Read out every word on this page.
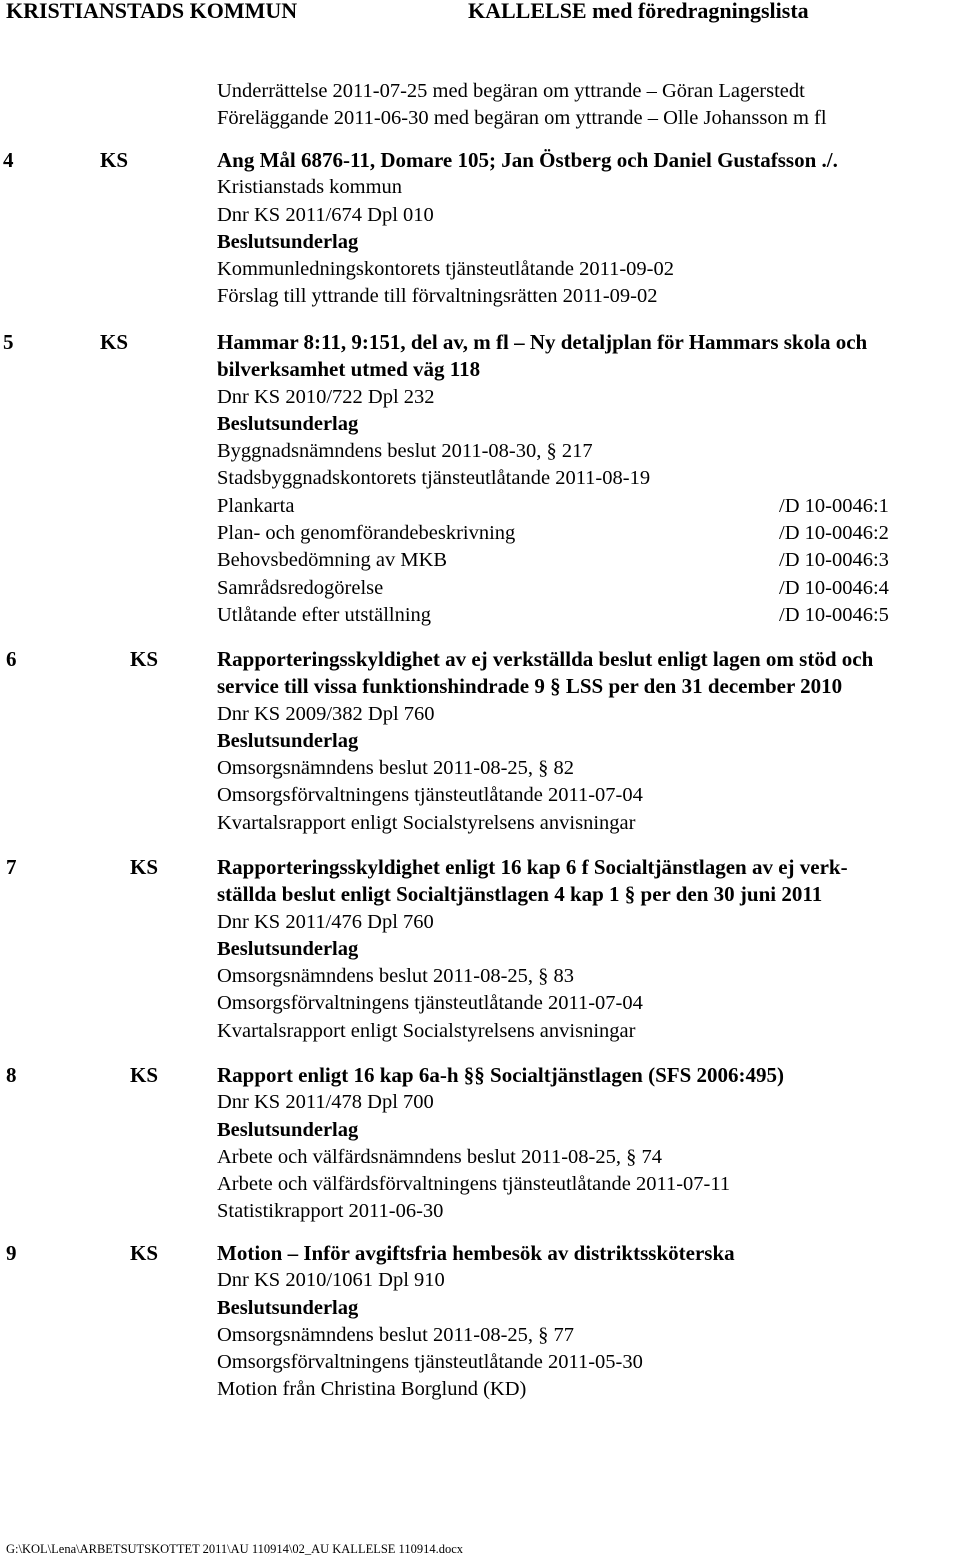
KRISTIANSTADS KOMMUN	KALLELSE med föredragningslista
Underrättelse 2011-07-25 med begäran om yttrande – Göran Lagerstedt
Föreläggande 2011-06-30 med begäran om yttrande – Olle Johansson m fl
4	KS	Ang Mål 6876-11, Domare 105; Jan Östberg och Daniel Gustafsson ./.
Kristianstads kommun
Dnr KS 2011/674 Dpl 010
Beslutsunderlag
Kommunledningskontorets tjänsteutlåtande 2011-09-02
Förslag till yttrande till förvaltningsrätten 2011-09-02
5	KS	Hammar 8:11, 9:151, del av, m fl – Ny detaljplan för Hammars skola och
bilverksamhet utmed väg 118
Dnr KS 2010/722 Dpl 232
Beslutsunderlag
Byggnadsnämndens beslut 2011-08-30, § 217
Stadsbyggnadskontorets tjänsteutlåtande 2011-08-19
Plankarta	/D 10-0046:1
Plan- och genomförandebeskrivning	/D 10-0046:2
Behovsbedömning av MKB	/D 10-0046:3
Samrådsredogörelse	/D 10-0046:4
Utlåtande efter utställning	/D 10-0046:5
6	KS	Rapporteringsskyldighet av ej verkställda beslut enligt lagen om stöd och
service till vissa funktionshindrade 9 § LSS per den 31 december 2010
Dnr KS 2009/382 Dpl 760
Beslutsunderlag
Omsorgsnämndens beslut 2011-08-25, § 82
Omsorgsförvaltningens tjänsteutlåtande 2011-07-04
Kvartalsrapport enligt Socialstyrelsens anvisningar
7	KS	Rapporteringsskyldighet enligt 16 kap 6 f Socialtjänstlagen av ej verk-
ställda beslut enligt Socialtjänstlagen 4 kap 1 § per den 30 juni 2011
Dnr KS 2011/476 Dpl 760
Beslutsunderlag
Omsorgsnämndens beslut 2011-08-25, § 83
Omsorgsförvaltningens tjänsteutlåtande 2011-07-04
Kvartalsrapport enligt Socialstyrelsens anvisningar
8	KS	Rapport enligt 16 kap 6a-h §§ Socialtjänstlagen (SFS 2006:495)
Dnr KS 2011/478 Dpl 700
Beslutsunderlag
Arbete och välfärdsnämndens beslut 2011-08-25, § 74
Arbete och välfärdsförvaltningens tjänsteutlåtande 2011-07-11
Statistikrapport 2011-06-30
9	KS	Motion – Inför avgiftsfria hembesök av distriktssköterska
Dnr KS 2010/1061 Dpl 910
Beslutsunderlag
Omsorgsnämndens beslut 2011-08-25, § 77
Omsorgsförvaltningens tjänsteutlåtande 2011-05-30
Motion från Christina Borglund (KD)
G:\KOL\Lena\ARBETSUTSKOTTET 2011\AU 110914\02_AU KALLELSE 110914.docx
